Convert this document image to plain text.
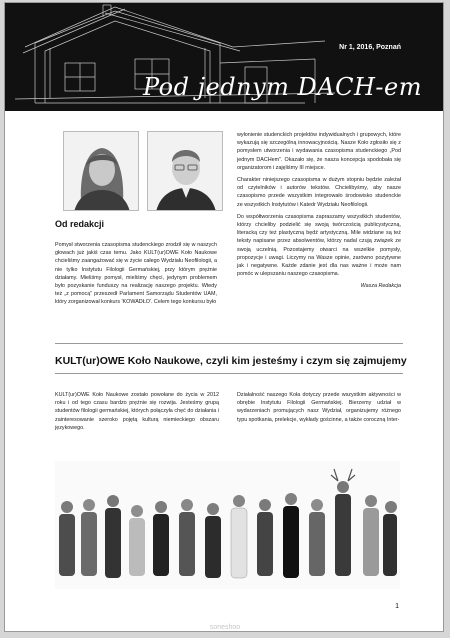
Nr 1, 2016, Poznań
Pod jednym DACH-em
Od redakcji

Pomysł stworzenia czasopisma studenckiego zrodził się w naszych głowach już jakiś czas temu. Jako KULT(ur)OWE Koło Naukowe chcieliśmy zaangażować się w życie całego Wydziału Neofilologii, a nie tylko Instytutu Filologii Germańskiej, przy którym prężnie działamy. Mieliśmy pomysł, mieliśmy chęci, jedynym problemem było pozyskanie funduszy na realizację naszego projektu. Wtedy też „z pomocą” przeszedł Parlament Samorządu Studentów UAM, który zorganizował konkurs 'KOWADŁO'. Celem tego konkursu było

wyłonienie studenckich projektów indywidualnych i grupowych, które wykazują się szczególną innowacyjnością. Nasze Koło zgłosiło się z pomysłem utworzenia i wydawania czasopisma studenckiego „Pod jednym DACHem”. Okazało się, że nasza koncepcja spodobała się organizatorom i zajęliśmy III miejsce.

Charakter niniejszego czasopisma w dużym stopniu będzie zależał od czytelników i autorów tekstów. Chcielibyśmy, aby nasze czasopismo przede wszystkim integrowało środowisko studenckie ze wszystkich Instytutów i Katedr Wydziału Neofilologii.

Do współtworzenia czasopisma zapraszamy wszystkich studentów, którzy chcieliby podzielić się swoją twórczością publicystyczną, literacką czy też plastyczną będź artystyczną. Mile widziane są też teksty napisane przez absolwentów, którzy nadal czują związek ze swoją uczelnią. Pozostajemy otwarci na wszelkie pomysły, propozycje i uwagi. Liczymy na Wasze opinie, zarówno pozytywne jak i negatywne. Każde zdanie jest dla nas ważne i może nam pomóc w ulepszaniu naszego czasopisma.

Wasza Redakcja
KULT(ur)OWE Koło Naukowe, czyli kim jesteśmy i czym się zajmujemy

KULT(ur)OWE Koło Naukowe zostało powołane do życia w 2012 roku i od tego czasu bardzo prężnie się rozwija. Jesteśmy grupą studentów filologii germańskiej, których połączyła chęć do działania i zainteresowanie szeroko pojętą kulturą niemieckiego obszaru językowego.

Działalność naszego Koła dotyczy przede wszystkim aktywności w obrębie Instytutu Filologii Germańskiej. Bierzemy udział w wydarzeniach promujących nasz Wydział, organizujemy różnego typu spotkania, prelekcje, wykłady gościnne, a także coroczną Inter-

1
soneshoo
